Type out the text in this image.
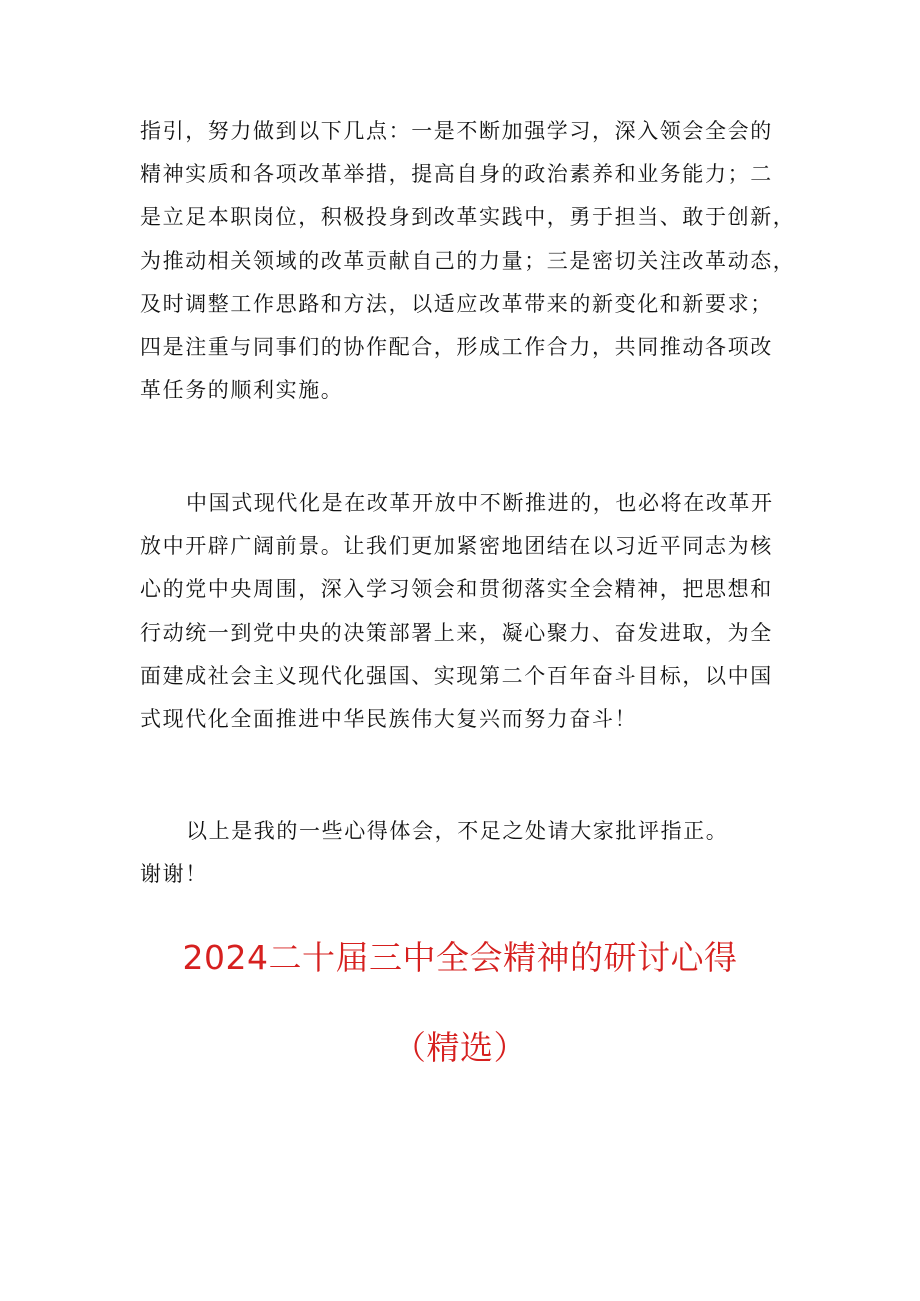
指引，努力做到以下几点：一是不断加强学习，深入领会全会的
精神实质和各项改革举措，提高自身的政治素养和业务能力；二
是立足本职岗位，积极投身到改革实践中，勇于担当、敢于创新，
为推动相关领域的改革贡献自己的力量；三是密切关注改革动态，
及时调整工作思路和方法，以适应改革带来的新变化和新要求；
四是注重与同事们的协作配合，形成工作合力，共同推动各项改
革任务的顺利实施。
中国式现代化是在改革开放中不断推进的，也必将在改革开
放中开辟广阔前景。让我们更加紧密地团结在以习近平同志为核
心的党中央周围，深入学习领会和贯彻落实全会精神，把思想和
行动统一到党中央的决策部署上来，凝心聚力、奋发进取，为全
面建成社会主义现代化强国、实现第二个百年奋斗目标，以中国
式现代化全面推进中华民族伟大复兴而努力奋斗！
以上是我的一些心得体会，不足之处请大家批评指正。
谢谢！
2024二十届三中全会精神的研讨心得
（精选）
